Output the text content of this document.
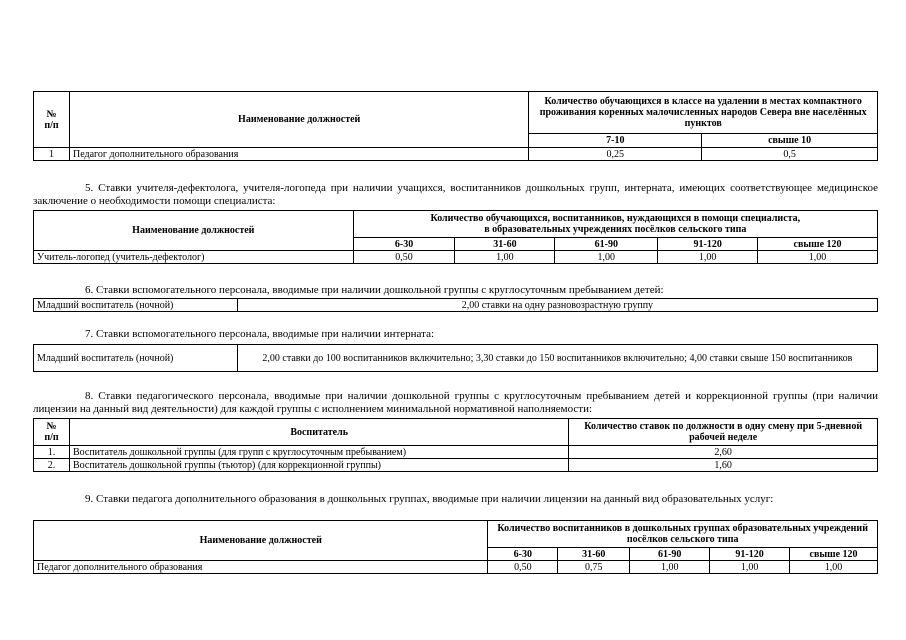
№
п/п	Наименование должностей	Количество обучающихся в классе на удалении в местах компактного проживания коренных малочисленных народов Севера вне населённых пунктов	
		7-10	свыше 10
1	Педагог дополнительного образования	0,25	0,5

5. Ставки учителя-дефектолога, учителя-логопеда при наличии учащихся, воспитанников дошкольных групп, интерната, имеющих соответствующее медицинское заключение о необходимости помощи специалиста:

Наименование должностей	Количество обучающихся, воспитанников, нуждающихся в помощи специалиста,
в образовательных учреждениях посёлков сельского типа				
	6-30	31-60	61-90	91-120	свыше 120
Учитель-логопед (учитель-дефектолог)	0,50	1,00	1,00	1,00	1,00

6. Ставки вспомогательного персонала, вводимые при наличии дошкольной группы с круглосуточным пребыванием детей:

Младший воспитатель (ночной)	2,00 ставки на одну разновозрастную группу

7. Ставки вспомогательного персонала, вводимые при наличии интерната:

Младший воспитатель (ночной)	2,00 ставки до 100 воспитанников включительно; 3,30 ставки до 150 воспитанников включительно; 4,00 ставки свыше 150 воспитанников

8. Ставки педагогического персонала, вводимые при наличии дошкольной группы с круглосуточным пребыванием детей и коррекционной группы (при наличии лицензии на данный вид деятельности) для каждой группы с исполнением минимальной нормативной наполняемости:

№
п/п	Воспитатель	Количество ставок по должности в одну смену при 5-дневной рабочей неделе
1.	Воспитатель дошкольной группы (для групп с круглосуточным пребыванием)	2,60
2.	Воспитатель дошкольной группы (тьютор) (для коррекционной группы)	1,60

9. Ставки педагога дополнительного образования в дошкольных группах, вводимые при наличии лицензии на данный вид образовательных услуг:

Наименование должностей	Количество воспитанников в дошкольных группах образовательных учреждений посёлков сельского типа				
	6-30	31-60	61-90	91-120	свыше 120
Педагог дополнительного образования	0,50	0,75	1,00	1,00	1,00
